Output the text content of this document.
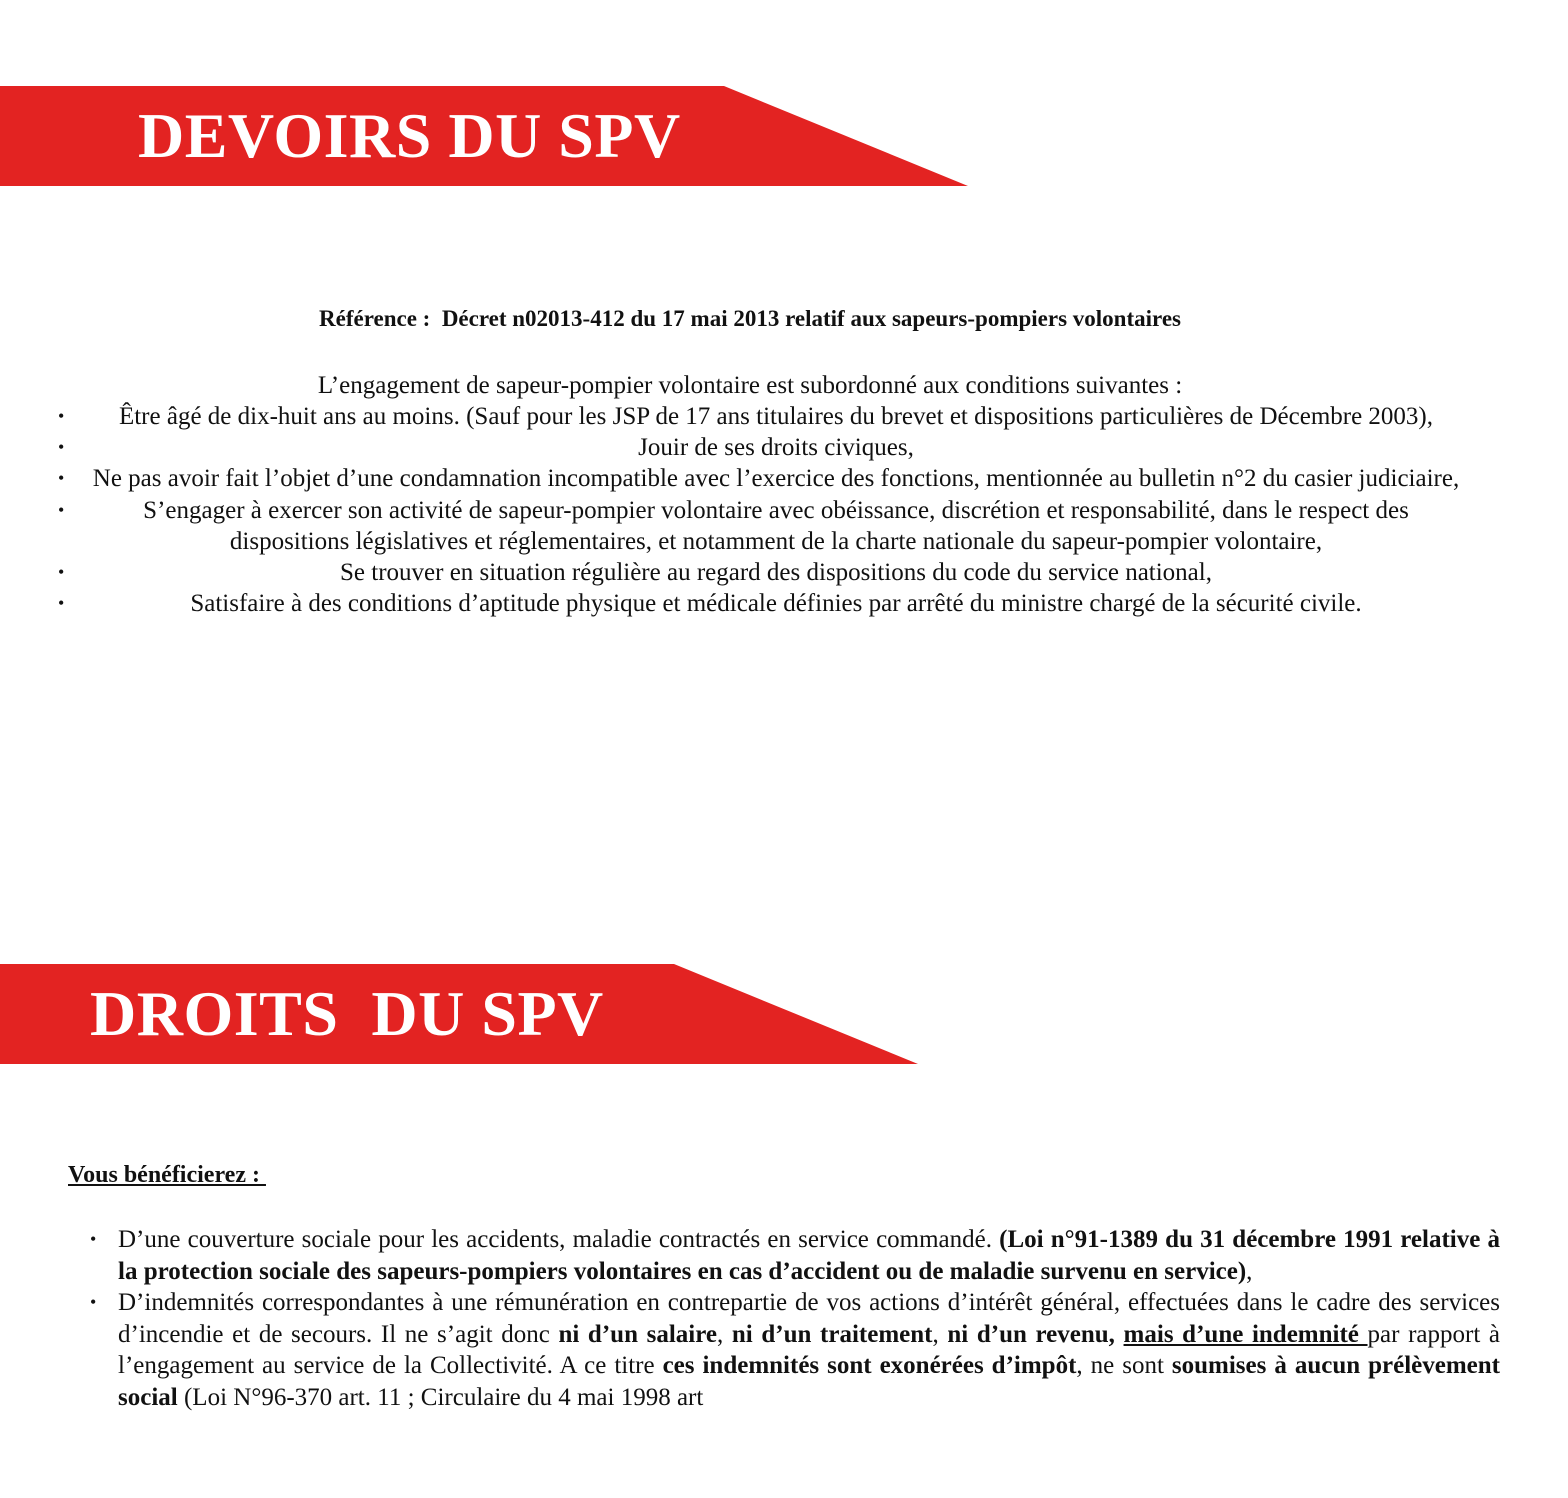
DEVOIRS DU SPV
Référence :  Décret n02013-412 du 17 mai 2013 relatif aux sapeurs-pompiers volontaires
L’engagement de sapeur-pompier volontaire est subordonné aux conditions suivantes :
• Être âgé de dix-huit ans au moins. (Sauf pour les JSP de 17 ans titulaires du brevet et dispositions particulières de Décembre 2003),
•	Jouir de ses droits civiques,
• Ne pas avoir fait l’objet d’une condamnation incompatible avec l’exercice des fonctions, mentionnée au bulletin n°2 du casier judiciaire,
•	S’engager à exercer son activité de sapeur-pompier volontaire avec obéissance, discrétion et responsabilité, dans le respect des dispositions législatives et réglementaires, et notamment de la charte nationale du sapeur-pompier volontaire,
•	Se trouver en situation régulière au regard des dispositions du code du service national,
•	Satisfaire à des conditions d’aptitude physique et médicale définies par arrêté du ministre chargé de la sécurité civile.
DROITS  DU SPV
Vous bénéficierez :
• D’une couverture sociale pour les accidents, maladie contractés en service commandé. (Loi n°91-1389 du 31 décembre 1991 relative à la protection sociale des sapeurs-pompiers volontaires en cas d’accident ou de maladie survenu en service),
• D’indemnités correspondantes à une rémunération en contrepartie de vos actions d’intérêt général, effectuées dans le cadre des services d’incendie et de secours. Il ne s’agit donc ni d’un salaire, ni d’un traitement, ni d’un revenu, mais d’une indemnité par rapport à l’engagement au service de la Collectivité. A ce titre ces indemnités sont exonérées d’impôt, ne sont soumises à aucun prélèvement social (Loi N°96-370 art. 11 ; Circulaire du 4 mai 1998 art
